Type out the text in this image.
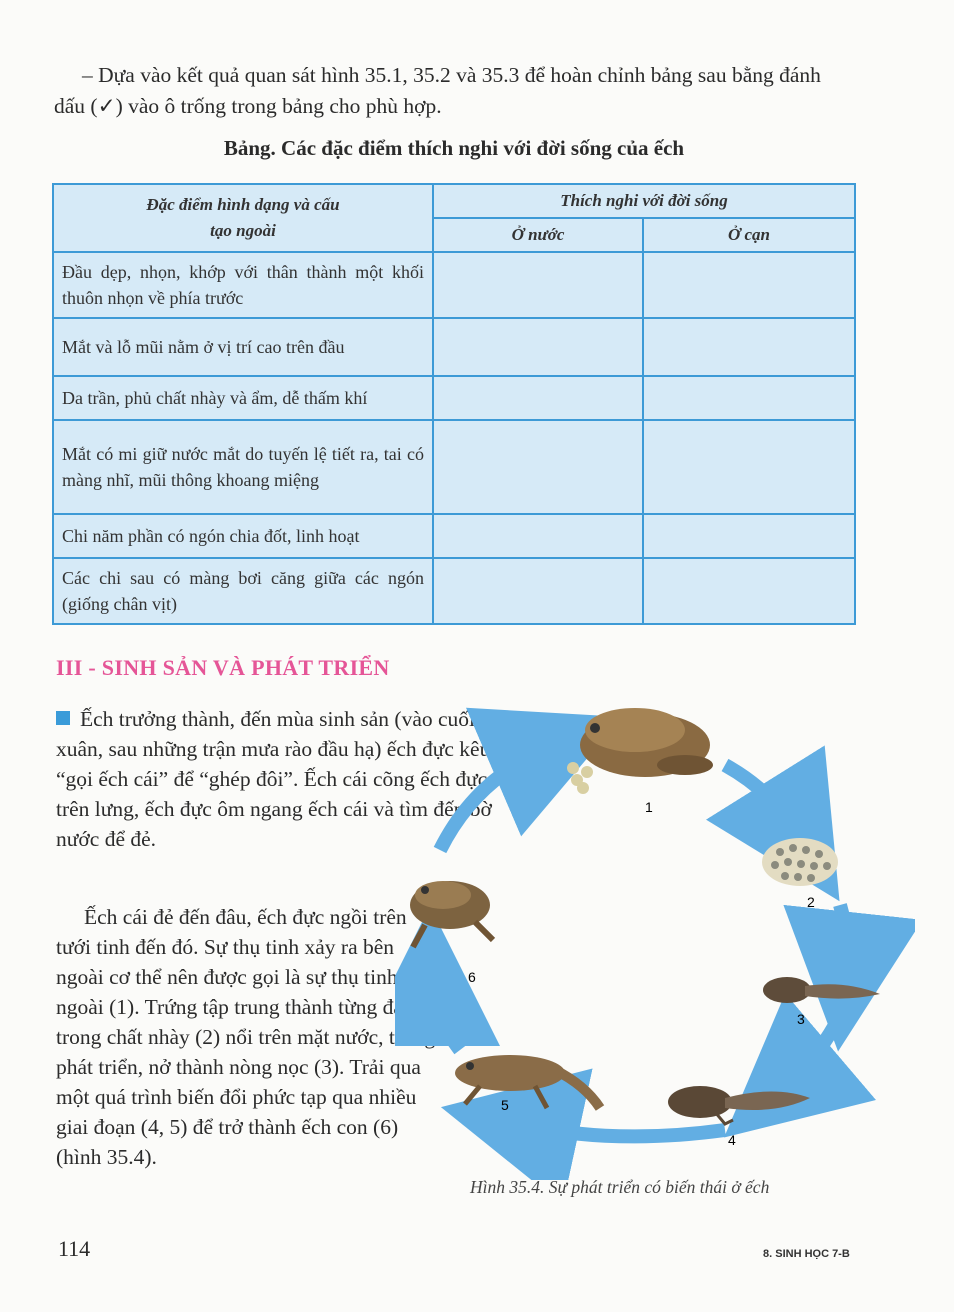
– Dựa vào kết quả quan sát hình 35.1, 35.2 và 35.3 để hoàn chỉnh bảng sau bằng đánh dấu (✓) vào ô trống trong bảng cho phù hợp.
Bảng. Các đặc điểm thích nghi với đời sống của ếch
Đặc điểm hình dạng và cấu tạo ngoài	Thích nghi với đời sống	
	Ở nước	Ở cạn
Đầu dẹp, nhọn, khớp với thân thành một khối thuôn nhọn về phía trước		
Mắt và lỗ mũi nằm ở vị trí cao trên đầu		
Da trần, phủ chất nhày và ẩm, dễ thấm khí		
Mắt có mi giữ nước mắt do tuyến lệ tiết ra, tai có màng nhĩ, mũi thông khoang miệng		
Chi năm phần có ngón chia đốt, linh hoạt		
Các chi sau có màng bơi căng giữa các ngón (giống chân vịt)		
III - SINH SẢN VÀ PHÁT TRIỂN
Ếch trưởng thành, đến mùa sinh sản (vào cuối xuân, sau những trận mưa rào đầu hạ) ếch đực kêu “gọi ếch cái” để “ghép đôi”. Ếch cái cõng ếch đực trên lưng, ếch đực ôm ngang ếch cái và tìm đến bờ nước để đẻ.
Ếch cái đẻ đến đâu, ếch đực ngồi trên tưới tinh đến đó. Sự thụ tinh xảy ra bên ngoài cơ thể nên được gọi là sự thụ tinh ngoài (1). Trứng tập trung thành từng đám trong chất nhày (2) nổi trên mặt nước, trứng phát triển, nở thành nòng nọc (3). Trải qua một quá trình biến đổi phức tạp qua nhiều giai đoạn (4, 5) để trở thành ếch con (6) (hình 35.4).
1
2
3
4
5
6
Hình 35.4. Sự phát triển có biến thái ở ếch
114	8. SINH HỌC 7-B
